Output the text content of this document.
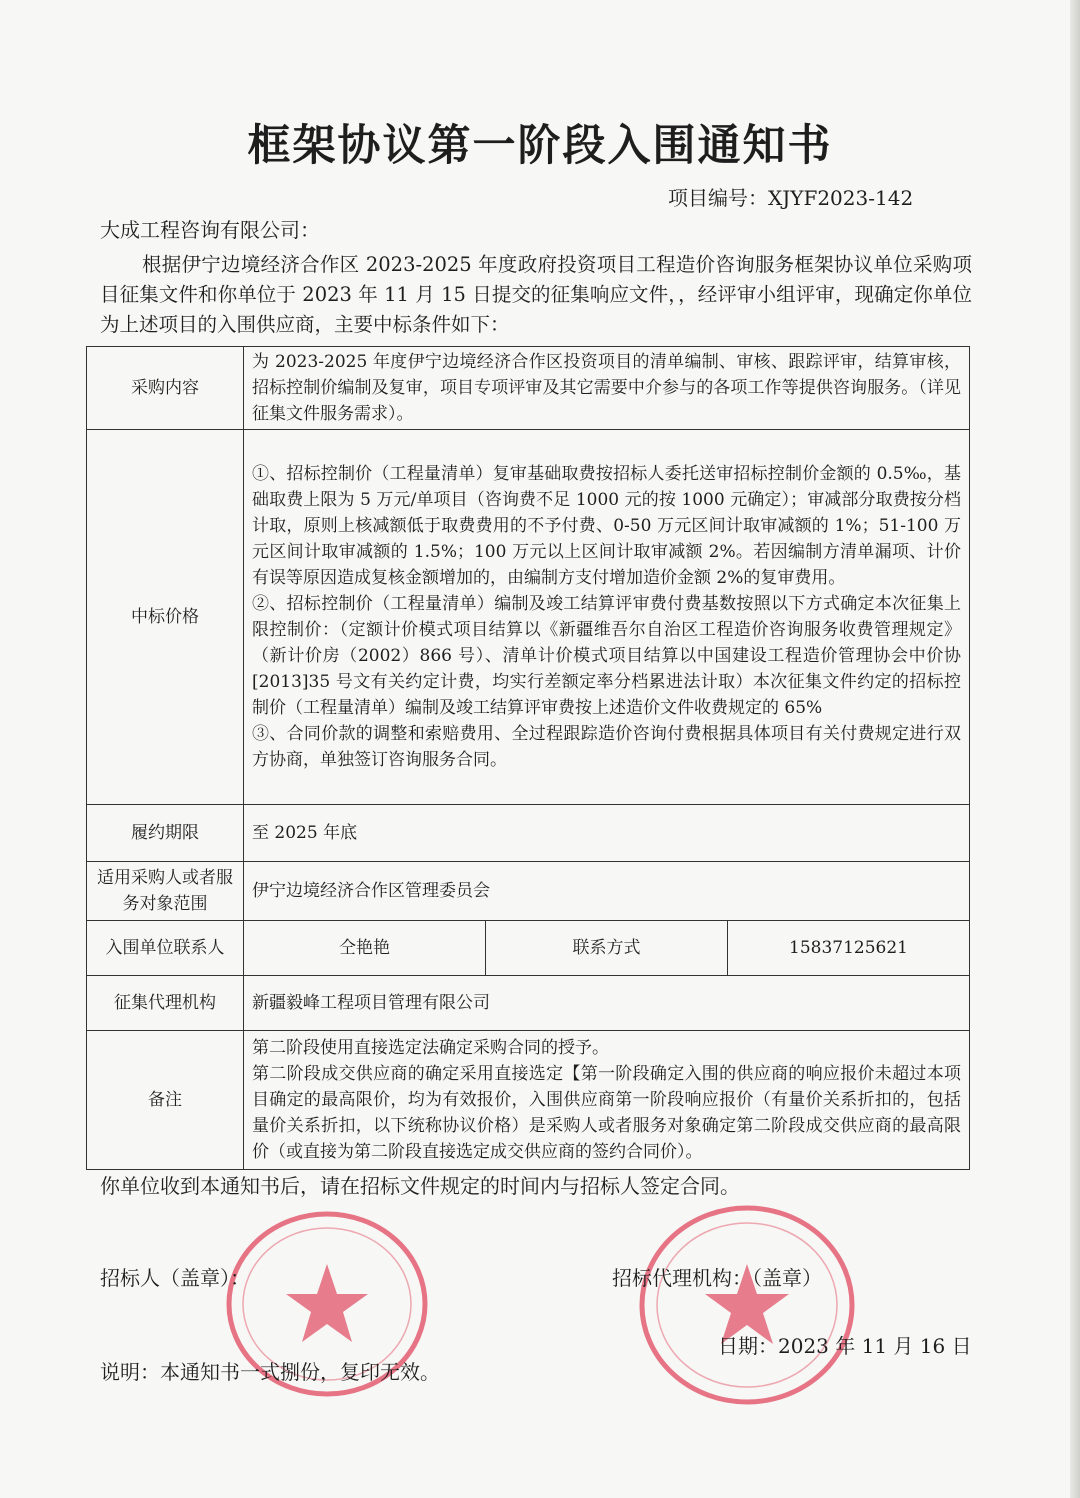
框架协议第一阶段入围通知书
项目编号：XJYF2023-142
大成工程咨询有限公司：
根据伊宁边境经济合作区 2023-2025 年度政府投资项目工程造价咨询服务框架协议单位采购项目征集文件和你单位于 2023 年 11 月 15 日提交的征集响应文件，，经评审小组评审，现确定你单位为上述项目的入围供应商，主要中标条件如下：
采购内容	为 2023-2025 年度伊宁边境经济合作区投资项目的清单编制、审核、跟踪评审，结算审核，招标控制价编制及复审，项目专项评审及其它需要中介参与的各项工作等提供咨询服务。（详见征集文件服务需求）。		
中标价格	①、招标控制价（工程量清单）复审基础取费按招标人委托送审招标控制价金额的 0.5‰，基础取费上限为 5 万元/单项目（咨询费不足 1000 元的按 1000 元确定）；审减部分取费按分档计取，原则上核减额低于取费费用的不予付费、0-50 万元区间计取审减额的 1%；51-100 万元区间计取审减额的 1.5%；100 万元以上区间计取审减额 2%。若因编制方清单漏项、计价有误等原因造成复核金额增加的，由编制方支付增加造价金额 2%的复审费用。

②、招标控制价（工程量清单）编制及竣工结算评审费付费基数按照以下方式确定本次征集上限控制价：（定额计价模式项目结算以《新疆维吾尔自治区工程造价咨询服务收费管理规定》（新计价房（2002）866 号）、清单计价模式项目结算以中国建设工程造价管理协会中价协[2013]35 号文有关约定计费，均实行差额定率分档累进法计取）本次征集文件约定的招标控制价（工程量清单）编制及竣工结算评审费按上述造价文件收费规定的 65%

③、合同价款的调整和索赔费用、全过程跟踪造价咨询付费根据具体项目有关付费规定进行双方协商，单独签订咨询服务合同。		

履约期限	至 2025 年底		
适用采购人或者服务对象范围	伊宁边境经济合作区管理委员会		
入围单位联系人	仝艳艳	联系方式	15837125621
征集代理机构	新疆毅峰工程项目管理有限公司		
备注	第二阶段使用直接选定法确定采购合同的授予。

第二阶段成交供应商的确定采用直接选定【第一阶段确定入围的供应商的响应报价未超过本项目确定的最高限价，均为有效报价，入围供应商第一阶段响应报价（有量价关系折扣的，包括量价关系折扣，以下统称协议价格）是采购人或者服务对象确定第二阶段成交供应商的最高限价（或直接为第二阶段直接选定成交供应商的签约合同价）。		

你单位收到本通知书后，请在招标文件规定的时间内与招标人签定合同。
招标人（盖章）：	招标代理机构：（盖章）
日期：2023 年 11 月 16 日
说明：本通知书一式捌份，复印无效。
